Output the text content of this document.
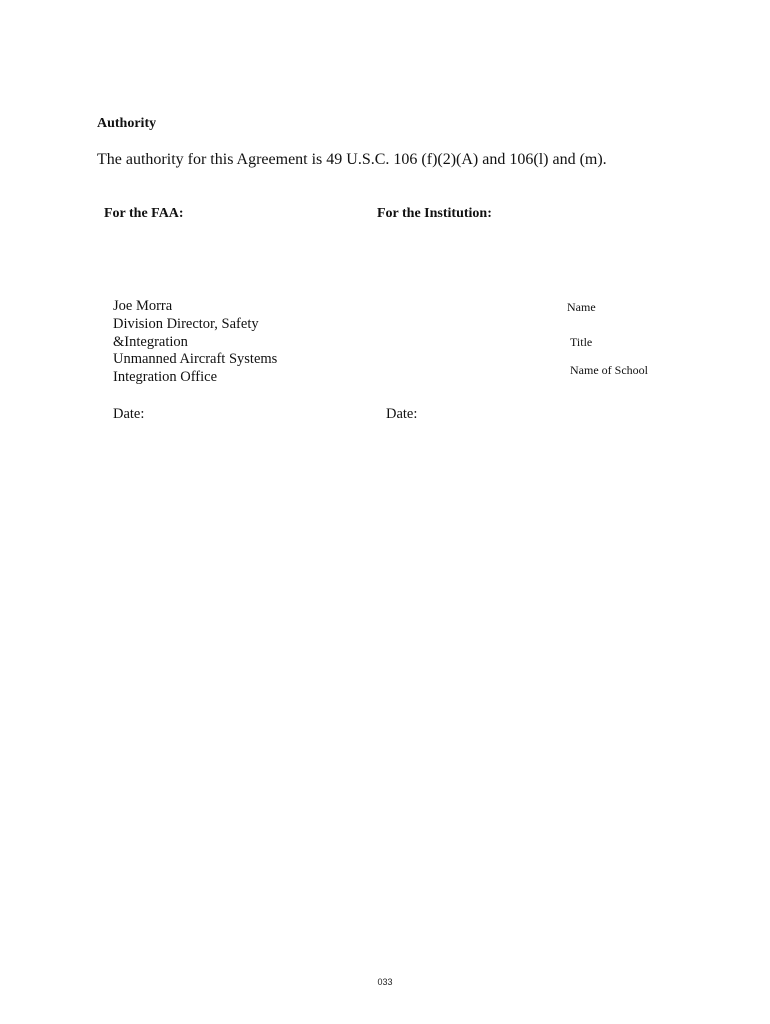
Authority
The authority for this Agreement is 49 U.S.C. 106 (f)(2)(A) and 106(l) and (m).
For the FAA:	For the Institution:
Joe Morra
Division Director, Safety
&Integration
Unmanned Aircraft Systems
Integration Office
Name
Title
Name of School
Date:	Date:
033
